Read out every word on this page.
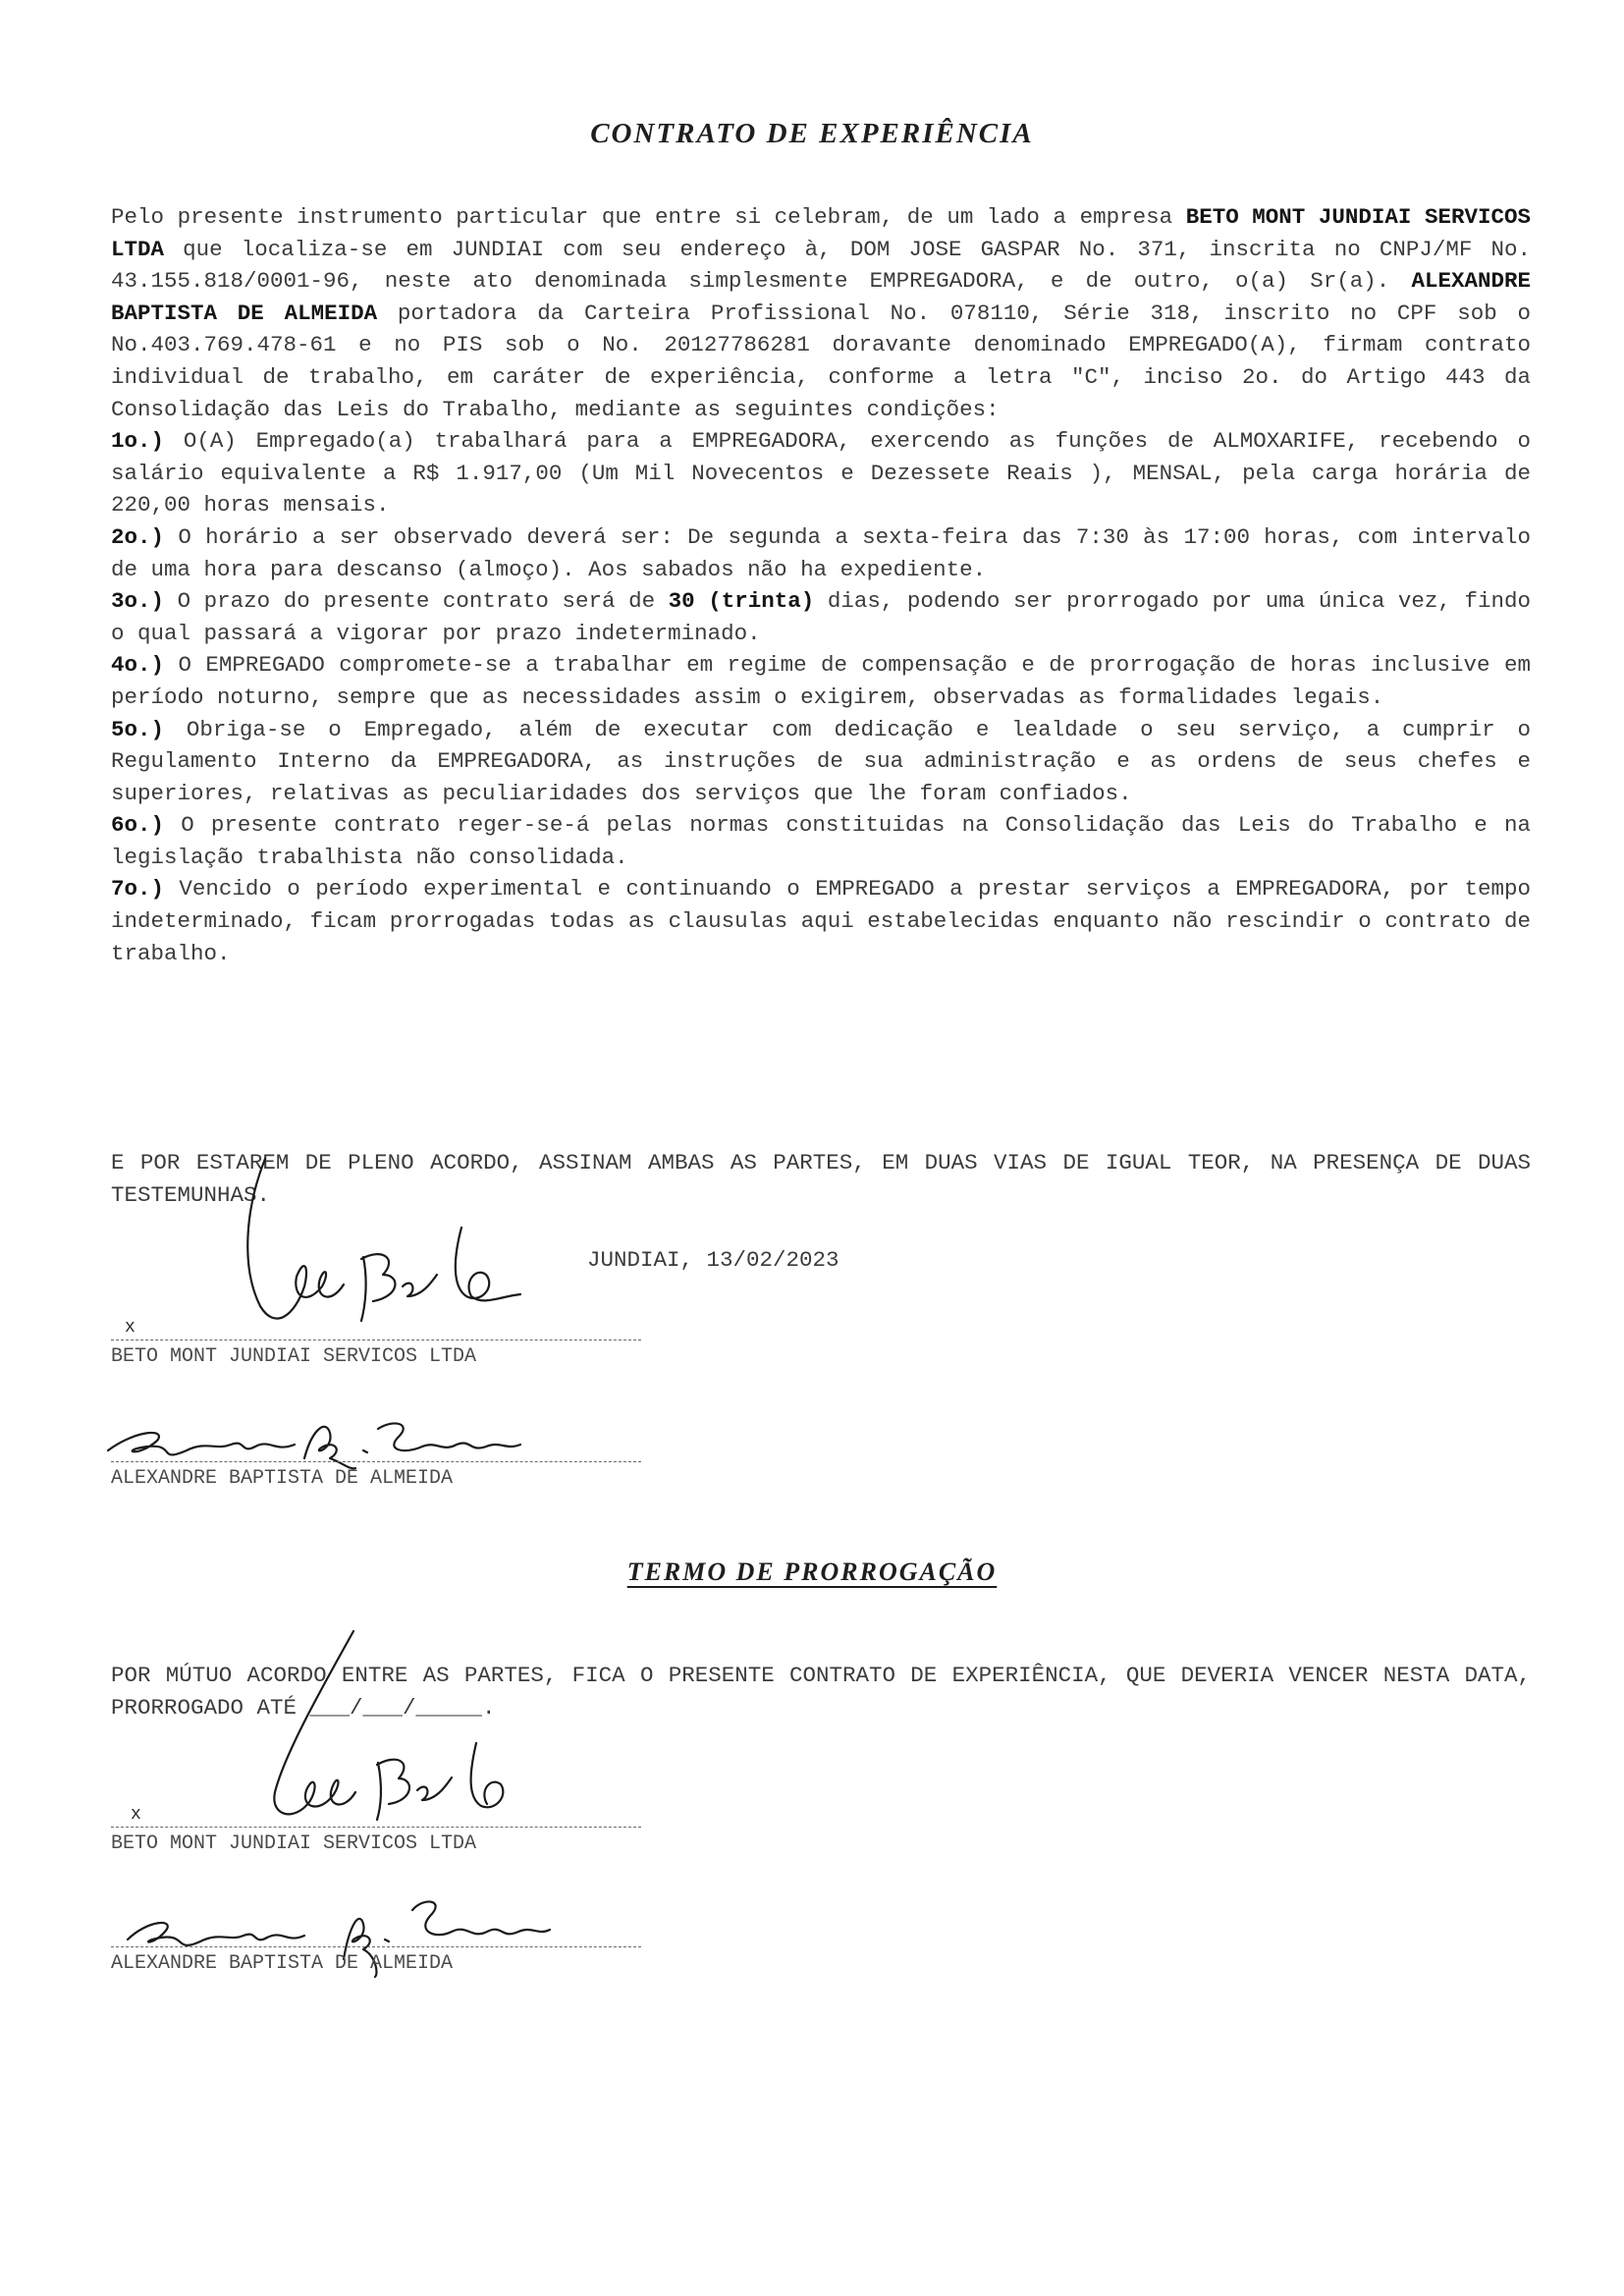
CONTRATO DE EXPERIÊNCIA
Pelo presente instrumento particular que entre si celebram, de um lado a empresa BETO MONT JUNDIAI SERVICOS LTDA que localiza-se em JUNDIAI com seu endereço à, DOM JOSE GASPAR No. 371, inscrita no CNPJ/MF No. 43.155.818/0001-96, neste ato denominada simplesmente EMPREGADORA, e de outro, o(a) Sr(a). ALEXANDRE BAPTISTA DE ALMEIDA portadora da Carteira Profissional No. 078110, Série 318, inscrito no CPF sob o No.403.769.478-61 e no PIS sob o No. 20127786281 doravante denominado EMPREGADO(A), firmam contrato individual de trabalho, em caráter de experiência, conforme a letra "C", inciso 2o. do Artigo 443 da Consolidação das Leis do Trabalho, mediante as seguintes condições:
1o.) O(A) Empregado(a) trabalhará para a EMPREGADORA, exercendo as funções de ALMOXARIFE, recebendo o salário equivalente a R$ 1.917,00 (Um Mil Novecentos e Dezessete Reais ), MENSAL, pela carga horária de 220,00 horas mensais.
2o.) O horário a ser observado deverá ser: De segunda a sexta-feira das 7:30 às 17:00 horas, com intervalo de uma hora para descanso (almoço). Aos sabados não ha expediente.
3o.) O prazo do presente contrato será de 30 (trinta) dias, podendo ser prorrogado por uma única vez, findo o qual passará a vigorar por prazo indeterminado.
4o.) O EMPREGADO compromete-se a trabalhar em regime de compensação e de prorrogação de horas inclusive em período noturno, sempre que as necessidades assim o exigirem, observadas as formalidades legais.
5o.) Obriga-se o Empregado, além de executar com dedicação e lealdade o seu serviço, a cumprir o Regulamento Interno da EMPREGADORA, as instruções de sua administração e as ordens de seus chefes e superiores, relativas as peculiaridades dos serviços que lhe foram confiados.
6o.) O presente contrato reger-se-á pelas normas constituidas na Consolidação das Leis do Trabalho e na legislação trabalhista não consolidada.
7o.) Vencido o período experimental e continuando o EMPREGADO a prestar serviços a EMPREGADORA, por tempo indeterminado, ficam prorrogadas todas as clausulas aqui estabelecidas enquanto não rescindir o contrato de trabalho.

E POR ESTAREM DE PLENO ACORDO, ASSINAM AMBAS AS PARTES, EM DUAS VIAS DE IGUAL TEOR, NA PRESENÇA DE DUAS TESTEMUNHAS.

JUNDIAI, 13/02/2023

x
BETO MONT JUNDIAI SERVICOS LTDA
ALEXANDRE BAPTISTA DE ALMEIDA
TERMO DE PRORROGAÇÃO

POR MÚTUO ACORDO ENTRE AS PARTES, FICA O PRESENTE CONTRATO DE EXPERIÊNCIA, QUE DEVERIA VENCER NESTA DATA, PRORROGADO ATÉ ___/___/_____.

x
BETO MONT JUNDIAI SERVICOS LTDA
ALEXANDRE BAPTISTA DE ALMEIDA
